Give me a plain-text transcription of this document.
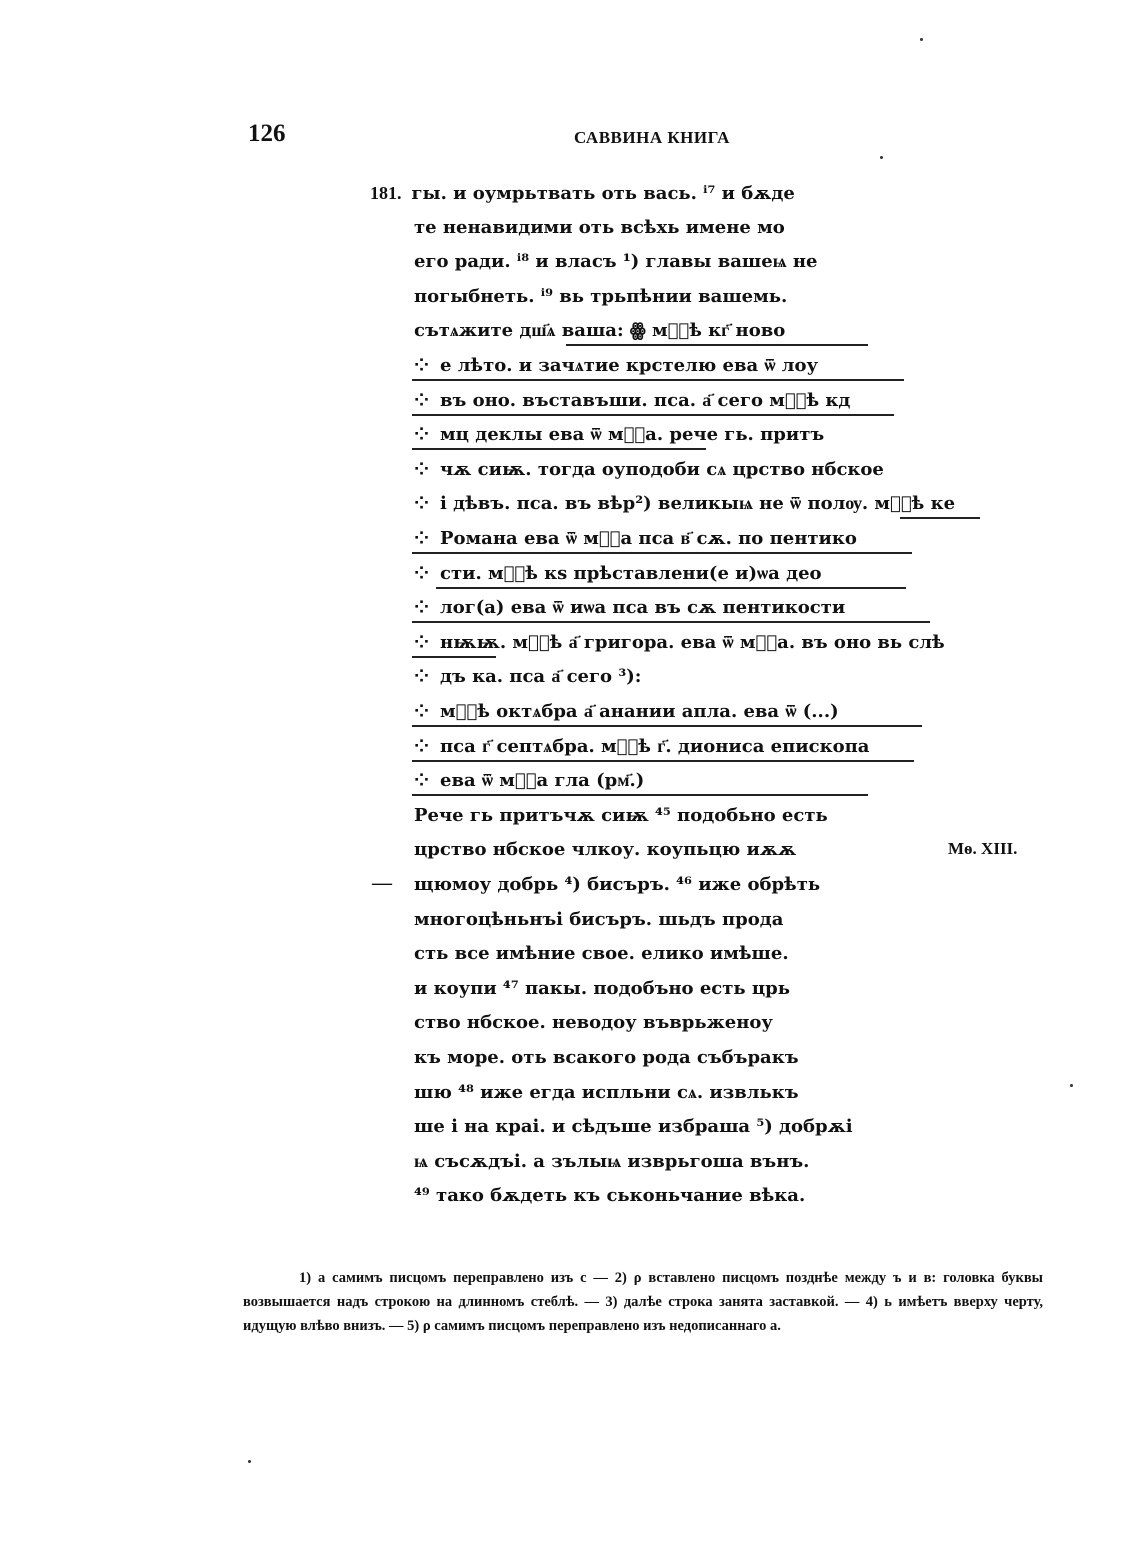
126	САВВИНА КНИГА
181. гы. и оумрьтвать оть вась. ⁱ⁷ и бѫде
те ненавидими оть всѣхь имене мо
его ради. ⁱ⁸ и власъ ¹) главы вашеѩ не
погыбнеть. ⁱ⁹ вь трьпѣнии вашемь.
сътѧжите дш҃ѧ ваша: ꙮ мⷭ҇ѣ кг҃ ново
⁘ е лѣто. и зачѧтие крстелю ева ѿ лоу
⁘ въ оно. въставъши. пса. а҃ сего мⷭ҇ѣ кд
⁘ мц деклы ева ѿ мⷭ҇а. рече гь. притъ
⁘ чѫ сиѭ. тогда оуподоби сѧ црство нбское
⁘ і дѣвъ. пса. въ вѣр²) великыѩ не ѿ полѹ. мⷭ҇ѣ ке
⁘ Романа ева ѿ мⷭ҇а пса в҃ сѫ. по пентико
⁘ сти. мⷭ҇ѣ кѕ прѣставлени(е и)ѡа део
⁘ лог(а) ева ѿ иѡа пса въ сѫ пентикости
⁘ нѭѭ. мⷭ҇ѣ а҃ григора. ева ѿ мⷭ҇а. въ оно вь слѣ
⁘ дъ ка. пса а҃ сего ³):
⁘ мⷭ҇ѣ октѧбра а҃ анании апла. ева ѿ (...)
⁘ пса г҃ септѧбра. мⷭ҇ѣ г҃. диониса епископа
⁘ ева ѿ мⷭ҇а гла (рм҃.)
Рече гь притъчѫ сиѭ ⁴⁵ подобьно есть
црство нбское члкоу. коупьцю иѫѫ
щюмоу добрь ⁴) бисъръ. ⁴⁶ иже обрѣть
многоцѣньнъі бисъръ. шьдъ прода
сть все имѣние свое. елико имѣше.
и коупи ⁴⁷ пакы. подобъно есть црь
ство нбское. неводоу въврьженоу
къ море. оть всакого рода събъракъ
шю ⁴⁸ иже егда испльни сѧ. извлькъ
ше і на краі. и сѣдъше избраша ⁵) добрѫі
ѩ съсѫдъі. а зълыѩ изврьгоша вънъ.
⁴⁹ тако бѫдеть къ ськоньчание вѣка.
Мѳ. XIII.
—

1) а самимъ писцомъ переправлено изъ с — 2) ρ вставлено писцомъ позднѣе между ъ и в: головка буквы возвышается надъ строкою на длинномъ стеблѣ. — 3) далѣе строка занята заставкой. — 4) ь имѣетъ вверху черту, идущую влѣво внизъ. — 5) ρ самимъ писцомъ переправлено изъ недописаннаго а.
